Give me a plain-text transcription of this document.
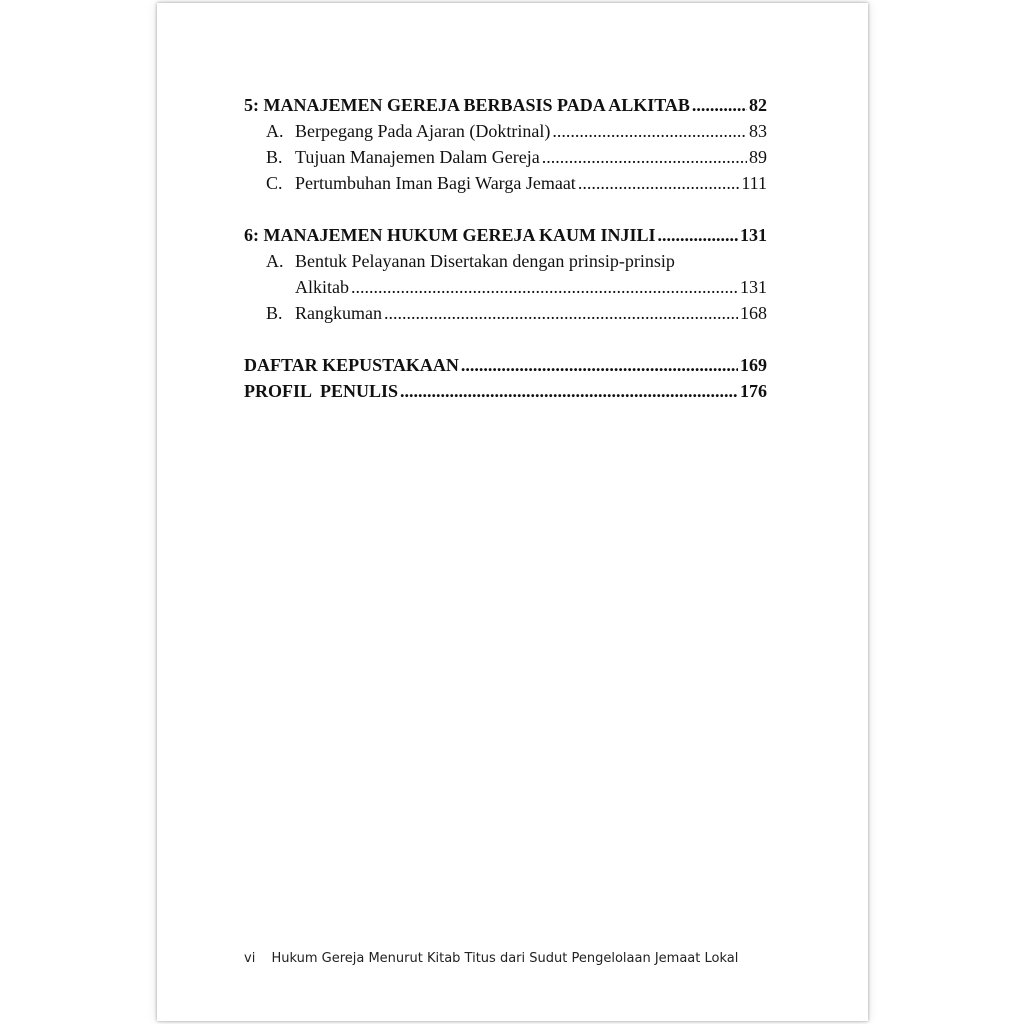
5: MANAJEMEN GEREJA BERBASIS PADA ALKITAB .....	82
A. Berpegang Pada Ajaran (Doktrinal) .....	83
B. Tujuan Manajemen Dalam Gereja .....	89
C. Pertumbuhan Iman Bagi Warga Jemaat .....	111
6: MANAJEMEN HUKUM GEREJA KAUM INJILI .....	131
A. Bentuk Pelayanan Disertakan dengan prinsip-prinsip
Alkitab .....	131
B. Rangkuman .....	168
DAFTAR KEPUSTAKAAN .....	169
PROFIL  PENULIS .....	176
vi Hukum Gereja Menurut Kitab Titus dari Sudut Pengelolaan Jemaat Lokal
